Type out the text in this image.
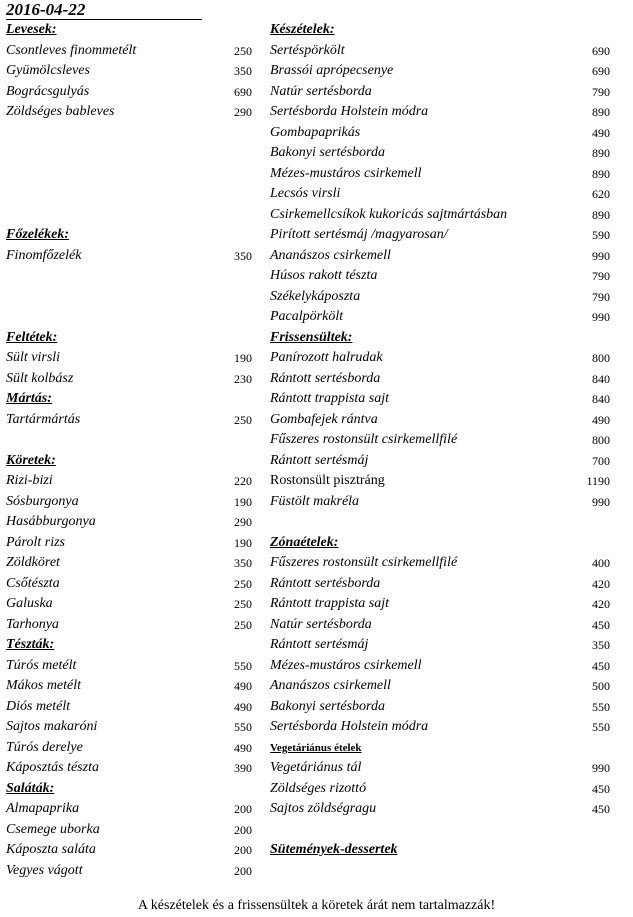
2016-04-22
Levesek:
Csontleves finommetélt	250
Gyümölcsleves	350
Bográcsgulyás	690
Zöldséges bableves	290
Főzelékek:
Finomfőzelék	350
Feltétek:
Sült virsli	190
Sült kolbász	230
Mártás:
Tartármártás	250
Köretek:
Rizi-bizi	220
Sósburgonya	190
Hasábburgonya	290
Párolt rizs	190
Zöldköret	350
Csőtészta	250
Galuska	250
Tarhonya	250
Tészták:
Túrós metélt	550
Mákos metélt	490
Diós metélt	490
Sajtos makaróni	550
Túrós derelye	490
Káposztás tészta	390
Saláták:
Almapaprika	200
Csemege uborka	200
Káposzta saláta	200
Vegyes vágott	200
Készételek:
Sertéspörkölt	690
Brassói aprópecsenye	690
Natúr sertésborda	790
Sertésborda Holstein módra	890
Gombapaprikás	490
Bakonyi sertésborda	890
Mézes-mustáros csirkemell	890
Lecsós virsli	620
Csirkemellcsíkok kukoricás sajtmártásban	890
Pirított sertésmáj /magyarosan/	590
Ananászos csirkemell	990
Húsos rakott tészta	790
Székelykáposzta	790
Pacalpörkölt	990
Frissensültek:
Panírozott halrudak	800
Rántott sertésborda	840
Rántott trappista sajt	840
Gombafejek rántva	490
Fűszeres rostonsült csirkemellfilé	800
Rántott sertésmáj	700
Rostonsült pisztráng	1190
Füstölt makréla	990
Zónaételek:
Fűszeres rostonsült csirkemellfilé	400
Rántott sertésborda	420
Rántott trappista sajt	420
Natúr sertésborda	450
Rántott sertésmáj	350
Mézes-mustáros csirkemell	450
Ananászos csirkemell	500
Bakonyi sertésborda	550
Sertésborda Holstein módra	550
Vegetáriánus ételek
Vegetáriánus tál	990
Zöldséges rizottó	450
Sajtos zöldségragu	450
Sütemények-dessertek
A készételek és a frissensültek a köretek árát nem tartalmazzák!
